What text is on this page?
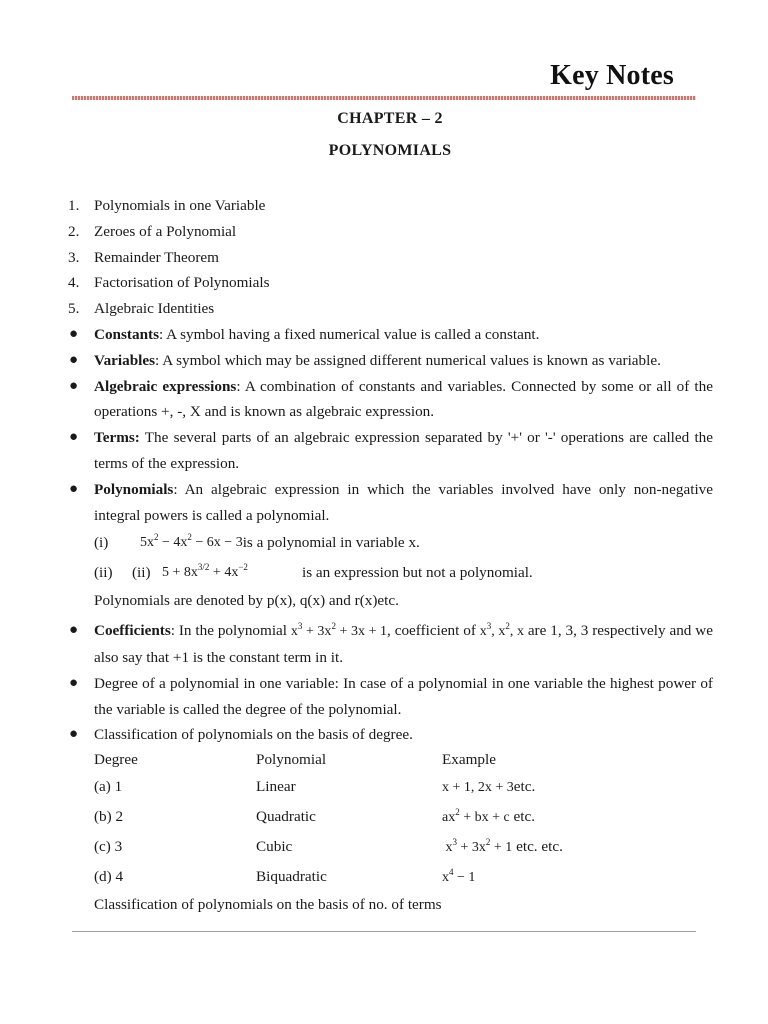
Key Notes
CHAPTER – 2
POLYNOMIALS
1. Polynomials in one Variable
2. Zeroes of a Polynomial
3. Remainder Theorem
4. Factorisation of Polynomials
5. Algebraic Identities
● Constants: A symbol having a fixed numerical value is called a constant.
● Variables: A symbol which may be assigned different numerical values is known as variable.
● Algebraic expressions: A combination of constants and variables. Connected by some or all of the operations +, -, X and is known as algebraic expression.
● Terms: The several parts of an algebraic expression separated by '+' or '-' operations are called the terms of the expression.
● Polynomials: An algebraic expression in which the variables involved have only non-negative integral powers is called a polynomial.
(i)	$5x^2 - 4x^2 - 6x - 3$ is a polynomial in variable x.
(ii)	(ii) $5 + 8x^{3/2} + 4x^{-2}$	is an expression but not a polynomial.
Polynomials are denoted by p(x), q(x) and r(x)etc.
● Coefficients: In the polynomial $x^3 + 3x^2 + 3x + 1$, coefficient of $x^3$, $x^2$, x are 1, 3, 3 respectively and we also say that +1 is the constant term in it.
● Degree of a polynomial in one variable: In case of a polynomial in one variable the highest power of the variable is called the degree of the polynomial.
● Classification of polynomials on the basis of degree.
Degree	Polynomial	Example
(a) 1	Linear	x + 1, 2x + 3etc.
(b) 2	Quadratic	$ax^2$ + bx + c etc.
(c) 3	Cubic	$x^3 + 3x^2 + 1$ etc. etc.
(d) 4	Biquadratic	$x^4 - 1$
Classification of polynomials on the basis of no. of terms
